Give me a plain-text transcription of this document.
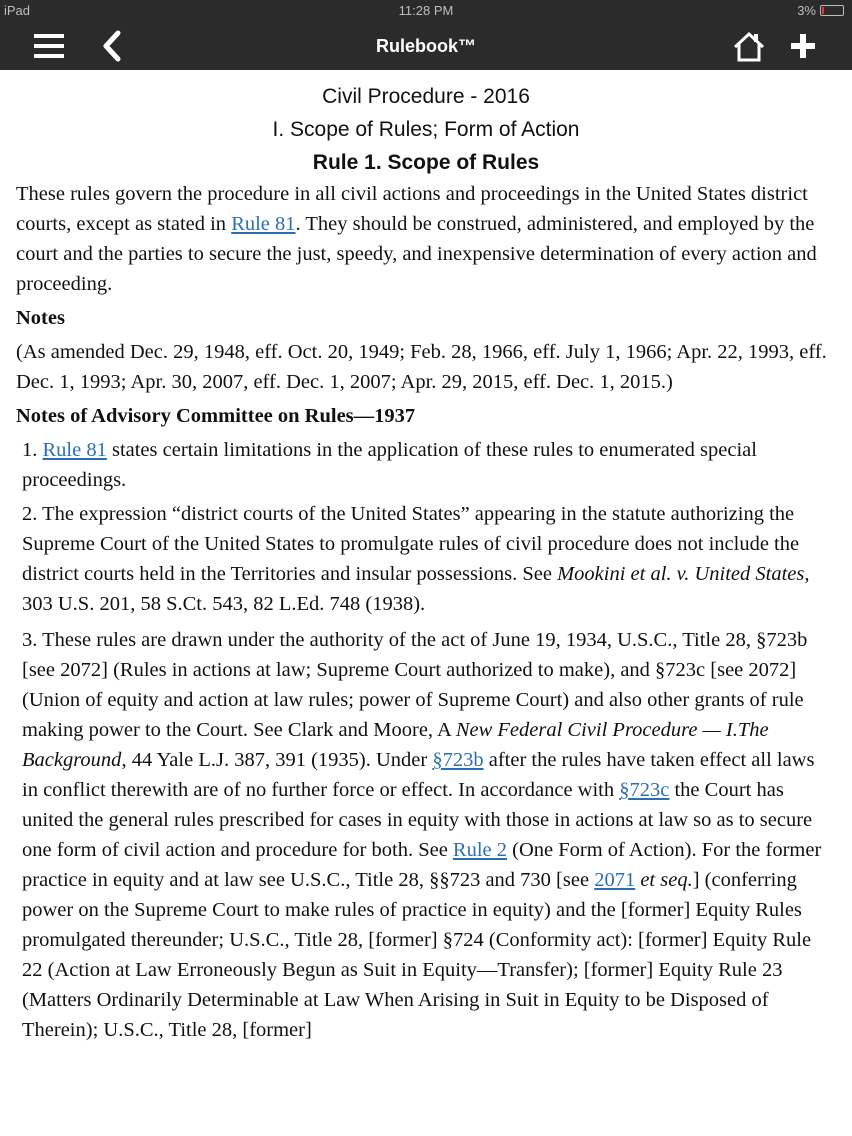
iPad	11:28 PM	3%
Rulebook™
Civil Procedure - 2016
I. Scope of Rules; Form of Action
Rule 1. Scope of Rules

These rules govern the procedure in all civil actions and proceedings in the United States district courts, except as stated in Rule 81. They should be construed, administered, and employed by the court and the parties to secure the just, speedy, and inexpensive determination of every action and proceeding.

Notes

(As amended Dec. 29, 1948, eff. Oct. 20, 1949; Feb. 28, 1966, eff. July 1, 1966; Apr. 22, 1993, eff. Dec. 1, 1993; Apr. 30, 2007, eff. Dec. 1, 2007; Apr. 29, 2015, eff. Dec. 1, 2015.)

Notes of Advisory Committee on Rules—1937

1. Rule 81 states certain limitations in the application of these rules to enumerated special proceedings.

2. The expression “district courts of the United States” appearing in the statute authorizing the Supreme Court of the United States to promulgate rules of civil procedure does not include the district courts held in the Territories and insular possessions. See Mookini et al. v. United States, 303 U.S. 201, 58 S.Ct. 543, 82 L.Ed. 748 (1938).

3. These rules are drawn under the authority of the act of June 19, 1934, U.S.C., Title 28, §723b [see 2072] (Rules in actions at law; Supreme Court authorized to make), and §723c [see 2072] (Union of equity and action at law rules; power of Supreme Court) and also other grants of rule making power to the Court. See Clark and Moore, A New Federal Civil Procedure — I.The Background, 44 Yale L.J. 387, 391 (1935). Under §723b after the rules have taken effect all laws in conflict therewith are of no further force or effect. In accordance with §723c the Court has united the general rules prescribed for cases in equity with those in actions at law so as to secure one form of civil action and procedure for both. See Rule 2 (One Form of Action). For the former practice in equity and at law see U.S.C., Title 28, §§723 and 730 [see 2071 et seq.] (conferring power on the Supreme Court to make rules of practice in equity) and the [former] Equity Rules promulgated thereunder; U.S.C., Title 28, [former] §724 (Conformity act): [former] Equity Rule 22 (Action at Law Erroneously Begun as Suit in Equity—Transfer); [former] Equity Rule 23 (Matters Ordinarily Determinable at Law When Arising in Suit in Equity to be Disposed of Therein); U.S.C., Title 28, [former]
